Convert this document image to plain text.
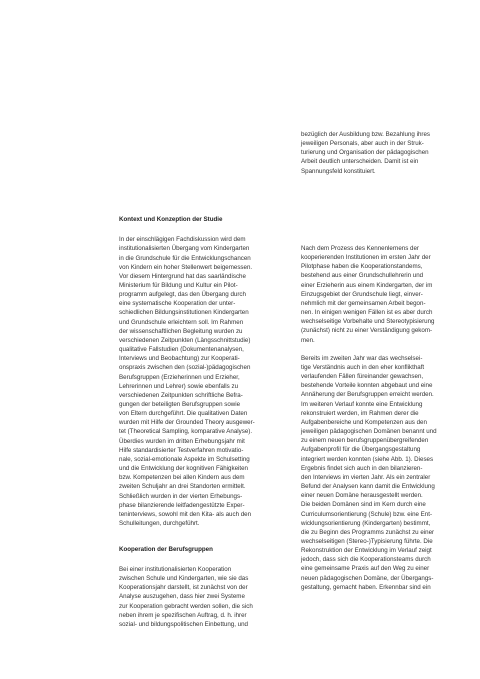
bezüglich der Ausbildung bzw. Bezahlung ihres
jeweiligen Personals, aber auch in der Struk-
turierung und Organisation der pädagogischen
Arbeit deutlich unterscheiden. Damit ist ein
Spannungsfeld konstituiert.
Kontext und Konzeption der Studie
In der einschlägigen Fachdiskussion wird dem
institutionalisierten Übergang vom Kindergarten
in die Grundschule für die Entwicklungschancen
von Kindern ein hoher Stellenwert beigemessen.
Vor diesem Hintergrund hat das saarländische
Ministerium für Bildung und Kultur ein Pilot-
programm aufgelegt, das den Übergang durch
eine systematische Kooperation der unter-
schiedlichen Bildungsinstitutionen Kindergarten
und Grundschule erleichtern soll. Im Rahmen
der wissenschaftlichen Begleitung wurden zu
verschiedenen Zeitpunkten (Längsschnittstudie)
qualitative Fallstudien (Dokumentenanalysen,
Interviews und Beobachtung) zur Kooperati-
onspraxis zwischen den (sozial-)pädagogischen
Berufsgruppen (Erzieherinnen und Erzieher,
Lehrerinnen und Lehrer) sowie ebenfalls zu
verschiedenen Zeitpunkten schriftliche Befra-
gungen der beteiligten Berufsgruppen sowie
von Eltern durchgeführt. Die qualitativen Daten
wurden mit Hilfe der Grounded Theory ausgewer-
tet (Theoretical Sampling, komparative Analyse).
Überdies wurden im dritten Erhebungsjahr mit
Hilfe standardisierter Testverfahren motivatio-
nale, sozial-emotionale Aspekte im Schulsetting
und die Entwicklung der kognitiven Fähigkeiten
bzw. Kompetenzen bei allen Kindern aus dem
zweiten Schuljahr an drei Standorten ermittelt.
Schließlich wurden in der vierten Erhebungs-
phase bilanzierende leitfadengestützte Exper-
teninterviews, sowohl mit den Kita- als auch den
Schulleitungen, durchgeführt.
Kooperation der Berufsgruppen
Bei einer institutionalisierten Kooperation
zwischen Schule und Kindergarten, wie sie das
Kooperationsjahr darstellt, ist zunächst von der
Analyse auszugehen, dass hier zwei Systeme
zur Kooperation gebracht werden sollen, die sich
neben ihrem je spezifischen Auftrag, d. h. ihrer
sozial- und bildungspolitischen Einbettung, und
Nach dem Prozess des Kennenlernens der
kooperierenden Institutionen im ersten Jahr der
Pilotphase haben die Kooperationstandems,
bestehend aus einer Grundschullehrerin und
einer Erzieherin aus einem Kindergarten, der im
Einzugsgebiet der Grundschule liegt, einver-
nehmlich mit der gemeinsamen Arbeit begon-
nen. In einigen wenigen Fällen ist es aber durch
wechselseitige Vorbehalte und Stereotypisierung
(zunächst) nicht zu einer Verständigung gekom-
men.
Bereits im zweiten Jahr war das wechselsei-
tige Verständnis auch in den eher konflikthaft
verlaufenden Fällen füreinander gewachsen,
bestehende Vorteile konnten abgebaut und eine
Annäherung der Berufsgruppen erreicht werden.
Im weiteren Verlauf konnte eine Entwicklung
rekonstruiert werden, im Rahmen derer die
Aufgabenbereiche und Kompetenzen aus den
jeweiligen pädagogischen Domänen benannt und
zu einem neuen berufsgruppenübergreifenden
Aufgabenprofil für die Übergangsgestaltung
integriert werden konnten (siehe Abb. 1). Dieses
Ergebnis findet sich auch in den bilanzieren-
den Interviews im vierten Jahr. Als ein zentraler
Befund der Analysen kann damit die Entwicklung
einer neuen Domäne herausgestellt werden.
Die beiden Domänen sind im Kern durch eine
Curriculumsorientierung (Schule) bzw. eine Ent-
wicklungsorientierung (Kindergarten) bestimmt,
die zu Beginn des Programms zunächst zu einer
wechselseitigen (Stereo-)Typisierung führte. Die
Rekonstruktion der Entwicklung im Verlauf zeigt
jedoch, dass sich die Kooperationsteams durch
eine gemeinsame Praxis auf den Weg zu einer
neuen pädagogischen Domäne, der Übergangs-
gestaltung, gemacht haben. Erkennbar sind ein
